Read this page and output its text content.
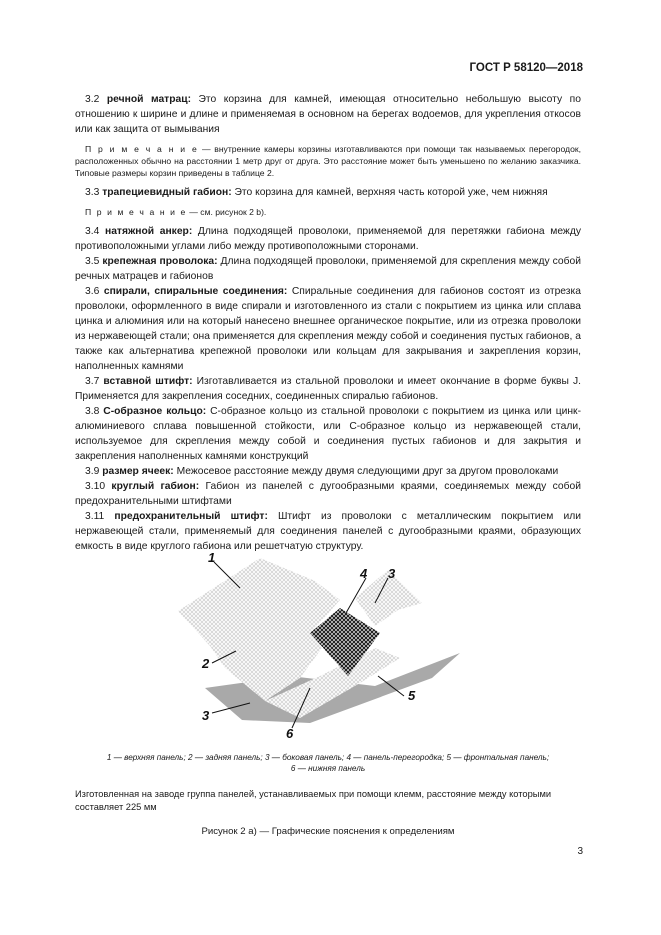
ГОСТ Р 58120—2018

3.2 речной матрац: Это корзина для камней, имеющая относительно небольшую высоту по отношению к ширине и длине и применяемая в основном на берегах водоемов, для укрепления откосов или как защита от вымывания

П р и м е ч а н и е — внутренние камеры корзины изготавливаются при помощи так называемых перегородок, расположенных обычно на расстоянии 1 метр друг от друга. Это расстояние может быть уменьшено по желанию заказчика. Типовые размеры корзин приведены в таблице 2.

3.3 трапециевидный габион: Это корзина для камней, верхняя часть которой уже, чем нижняя

П р и м е ч а н и е — см. рисунок 2 b).

3.4 натяжной анкер: Длина подходящей проволоки, применяемой для перетяжки габиона между противоположными углами либо между противоположными сторонами.

3.5 крепежная проволока: Длина подходящей проволоки, применяемой для скрепления между собой речных матрацев и габионов

3.6 спирали, спиральные соединения: Спиральные соединения для габионов состоят из отрезка проволоки, оформленного в виде спирали и изготовленного из стали с покрытием из цинка или сплава цинка и алюминия или на который нанесено внешнее органическое покрытие, или из отрезка проволоки из нержавеющей стали; она применяется для скрепления между собой и соединения пустых габионов, а также как альтернатива крепежной проволоки или кольцам для закрывания и закрепления корзин, наполненных камнями

3.7 вставной штифт: Изготавливается из стальной проволоки и имеет окончание в форме буквы J. Применяется для закрепления соседних, соединенных спиралью габионов.

3.8 С-образное кольцо: С-образное кольцо из стальной проволоки с покрытием из цинка или цинк-алюминиевого сплава повышенной стойкости, или С-образное кольцо из нержавеющей стали, используемое для скрепления между собой и соединения пустых габионов и для закрытия и закрепления наполненных камнями конструкций

3.9 размер ячеек: Межосевое расстояние между двумя следующими друг за другом проволоками

3.10 круглый габион: Габион из панелей с дугообразными краями, соединяемых между собой предохранительными штифтами

3.11 предохранительный штифт: Штифт из проволоки с металлическим покрытием или нержавеющей стали, применяемый для соединения панелей с дугообразными краями, образующих емкость в виде круглого габиона или решетчатую структуру.

1
2
3
4 3
5
6
1 — верхняя панель; 2 — задняя панель; 3 — боковая панель; 4 — панель-перегородка; 5 — фронтальная панель;
6 — нижняя панель
Изготовленная на заводе группа панелей, устанавливаемых при помощи клемм, расстояние между которыми составляет 225 мм
Рисунок 2 a) — Графические пояснения к определениям
3
